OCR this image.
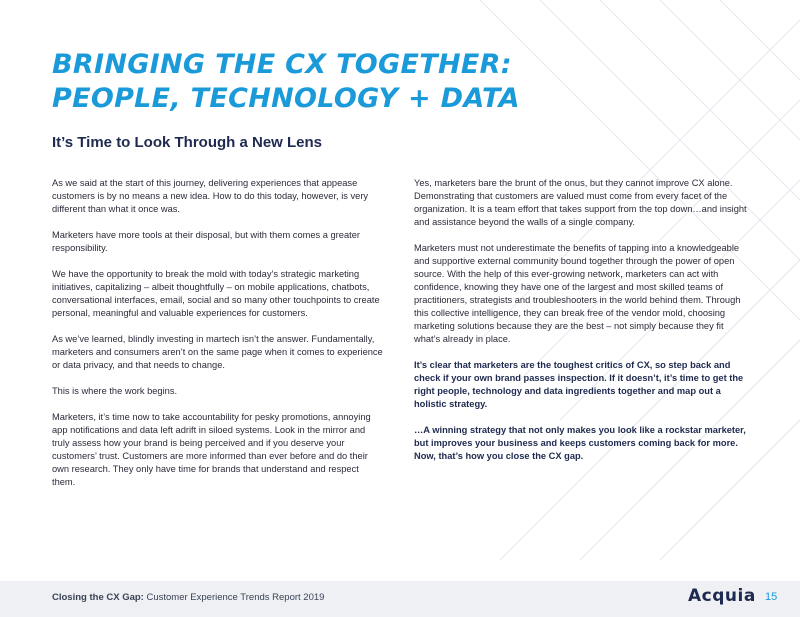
BRINGING THE CX TOGETHER:
PEOPLE, TECHNOLOGY + DATA
It’s Time to Look Through a New Lens

As we said at the start of this journey, delivering experiences that appease customers is by no means a new idea. How to do this today, however, is very different than what it once was.

Marketers have more tools at their disposal, but with them comes a greater responsibility.

We have the opportunity to break the mold with today’s strategic marketing initiatives, capitalizing – albeit thoughtfully – on mobile applications, chatbots, conversational interfaces, email, social and so many other touchpoints to create personal, meaningful and valuable experiences for customers.

As we’ve learned, blindly investing in martech isn’t the answer. Fundamentally, marketers and consumers aren’t on the same page when it comes to experience or data privacy, and that needs to change.

This is where the work begins.

Marketers, it’s time now to take accountability for pesky promotions, annoying app notifications and data left adrift in siloed systems. Look in the mirror and truly assess how your brand is being perceived and if you deserve your customers’ trust. Customers are more informed than ever before and do their own research. They only have time for brands that understand and respect them.

Yes, marketers bare the brunt of the onus, but they cannot improve CX alone. Demonstrating that customers are valued must come from every facet of the organization. It is a team effort that takes support from the top down…and insight and assistance beyond the walls of a single company.

Marketers must not underestimate the benefits of tapping into a knowledgeable and supportive external community bound together through the power of open source. With the help of this ever-growing network, marketers can act with confidence, knowing they have one of the largest and most skilled teams of practitioners, strategists and troubleshooters in the world behind them. Through this collective intelligence, they can break free of the vendor mold, choosing marketing solutions because they are the best – not simply because they fit what’s already in place.

It’s clear that marketers are the toughest critics of CX, so step back and check if your own brand passes inspection. If it doesn’t, it’s time to get the right people, technology and data ingredients together and map out a holistic strategy.

…A winning strategy that not only makes you look like a rockstar marketer, but improves your business and keeps customers coming back for more. Now, that’s how you close the CX gap.

Closing the CX Gap: Customer Experience Trends Report 2019	Acquia 15
